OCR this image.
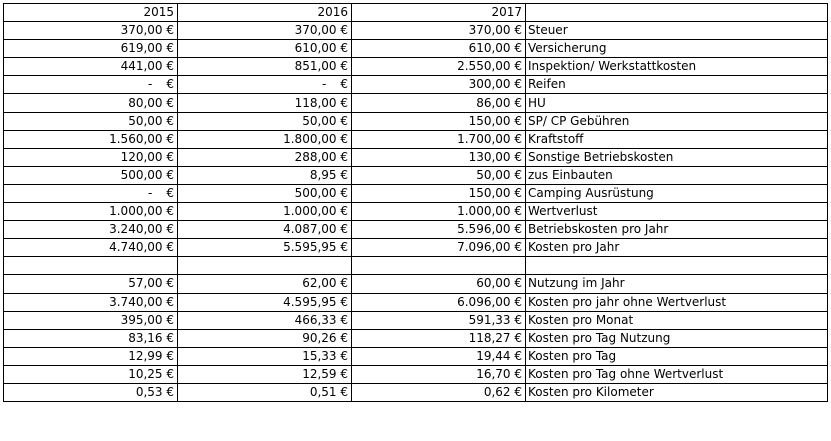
2015	2016	2017	
370,00 €	370,00 €	370,00 €	Steuer
619,00 €	610,00 €	610,00 €	Versicherung
441,00 €	851,00 €	2.550,00 €	Inspektion/ Werkstattkosten

- €	- €	300,00 €	Reifen
80,00 €	118,00 €	86,00 €	HU
50,00 €	50,00 €	150,00 €	SP/ CP Gebühren
1.560,00 €	1.800,00 €	1.700,00 €	Kraftstoff
120,00 €	288,00 €	130,00 €	Sonstige Betriebskosten
500,00 €	8,95 €	50,00 €	zus Einbauten

- €	500,00 €	150,00 €	Camping Ausrüstung
1.000,00 €	1.000,00 €	1.000,00 €	Wertverlust
3.240,00 €	4.087,00 €	5.596,00 €	Betriebskosten pro Jahr
4.740,00 €	5.595,95 €	7.096,00 €	Kosten pro Jahr

57,00 €	62,00 €	60,00 €	Nutzung im Jahr
3.740,00 €	4.595,95 €	6.096,00 €	Kosten pro jahr ohne Wertverlust
395,00 €	466,33 €	591,33 €	Kosten pro Monat
83,16 €	90,26 €	118,27 €	Kosten pro Tag Nutzung
12,99 €	15,33 €	19,44 €	Kosten pro Tag
10,25 €	12,59 €	16,70 €	Kosten pro Tag ohne Wertverlust
0,53 €	0,51 €	0,62 €	Kosten pro Kilometer
